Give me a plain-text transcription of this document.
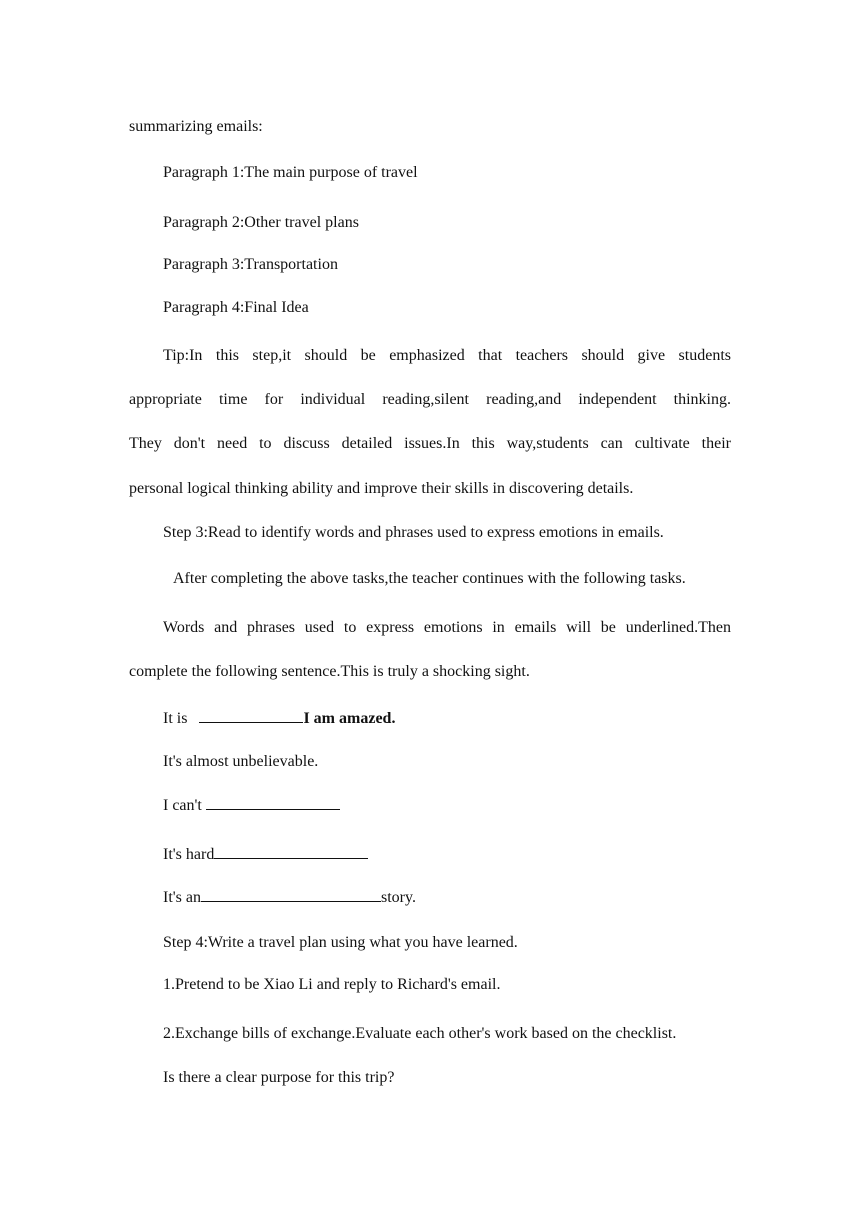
summarizing emails:
Paragraph 1:The main purpose of travel
Paragraph 2:Other travel plans
Paragraph 3:Transportation
Paragraph 4:Final Idea
Tip:In this step,it should be emphasized that teachers should give students
appropriate time for individual reading,silent reading,and independent thinking.
They don't need to discuss detailed issues.In this way,students can cultivate their
personal logical thinking ability and improve their skills in discovering details.
Step 3:Read to identify words and phrases used to express emotions in emails.
After completing the above tasks,the teacher continues with the following tasks.
Words and phrases used to express emotions in emails will be underlined.Then
complete the following sentence.This is truly a shocking sight.
It is	I am amazed.
It's almost unbelievable.
I can't
It's hard
It's an	story.
Step 4:Write a travel plan using what you have learned.
1.Pretend to be Xiao Li and reply to Richard's email.
2.Exchange bills of exchange.Evaluate each other's work based on the checklist.
Is there a clear purpose for this trip?
